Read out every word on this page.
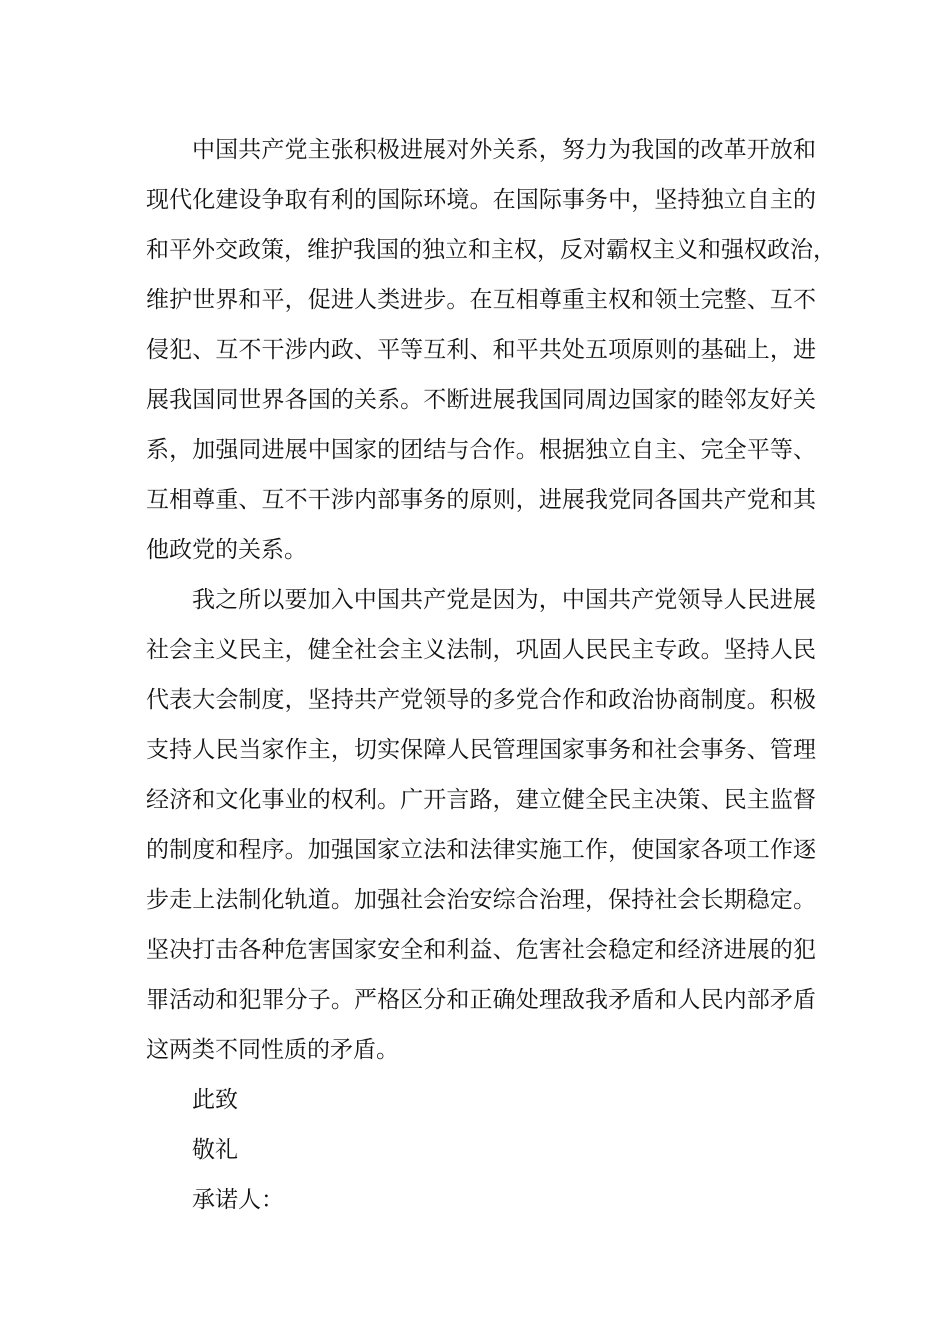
中国共产党主张积极进展对外关系，努力为我国的改革开放和
现代化建设争取有利的国际环境。在国际事务中，坚持独立自主的
和平外交政策，维护我国的独立和主权，反对霸权主义和强权政治，
维护世界和平，促进人类进步。在互相尊重主权和领土完整、互不
侵犯、互不干涉内政、平等互利、和平共处五项原则的基础上，进
展我国同世界各国的关系。不断进展我国同周边国家的睦邻友好关
系，加强同进展中国家的团结与合作。根据独立自主、完全平等、
互相尊重、互不干涉内部事务的原则，进展我党同各国共产党和其
他政党的关系。
我之所以要加入中国共产党是因为，中国共产党领导人民进展
社会主义民主，健全社会主义法制，巩固人民民主专政。坚持人民
代表大会制度，坚持共产党领导的多党合作和政治协商制度。积极
支持人民当家作主，切实保障人民管理国家事务和社会事务、管理
经济和文化事业的权利。广开言路，建立健全民主决策、民主监督
的制度和程序。加强国家立法和法律实施工作，使国家各项工作逐
步走上法制化轨道。加强社会治安综合治理，保持社会长期稳定。
坚决打击各种危害国家安全和利益、危害社会稳定和经济进展的犯
罪活动和犯罪分子。严格区分和正确处理敌我矛盾和人民内部矛盾
这两类不同性质的矛盾。
此致
敬礼
承诺人：
